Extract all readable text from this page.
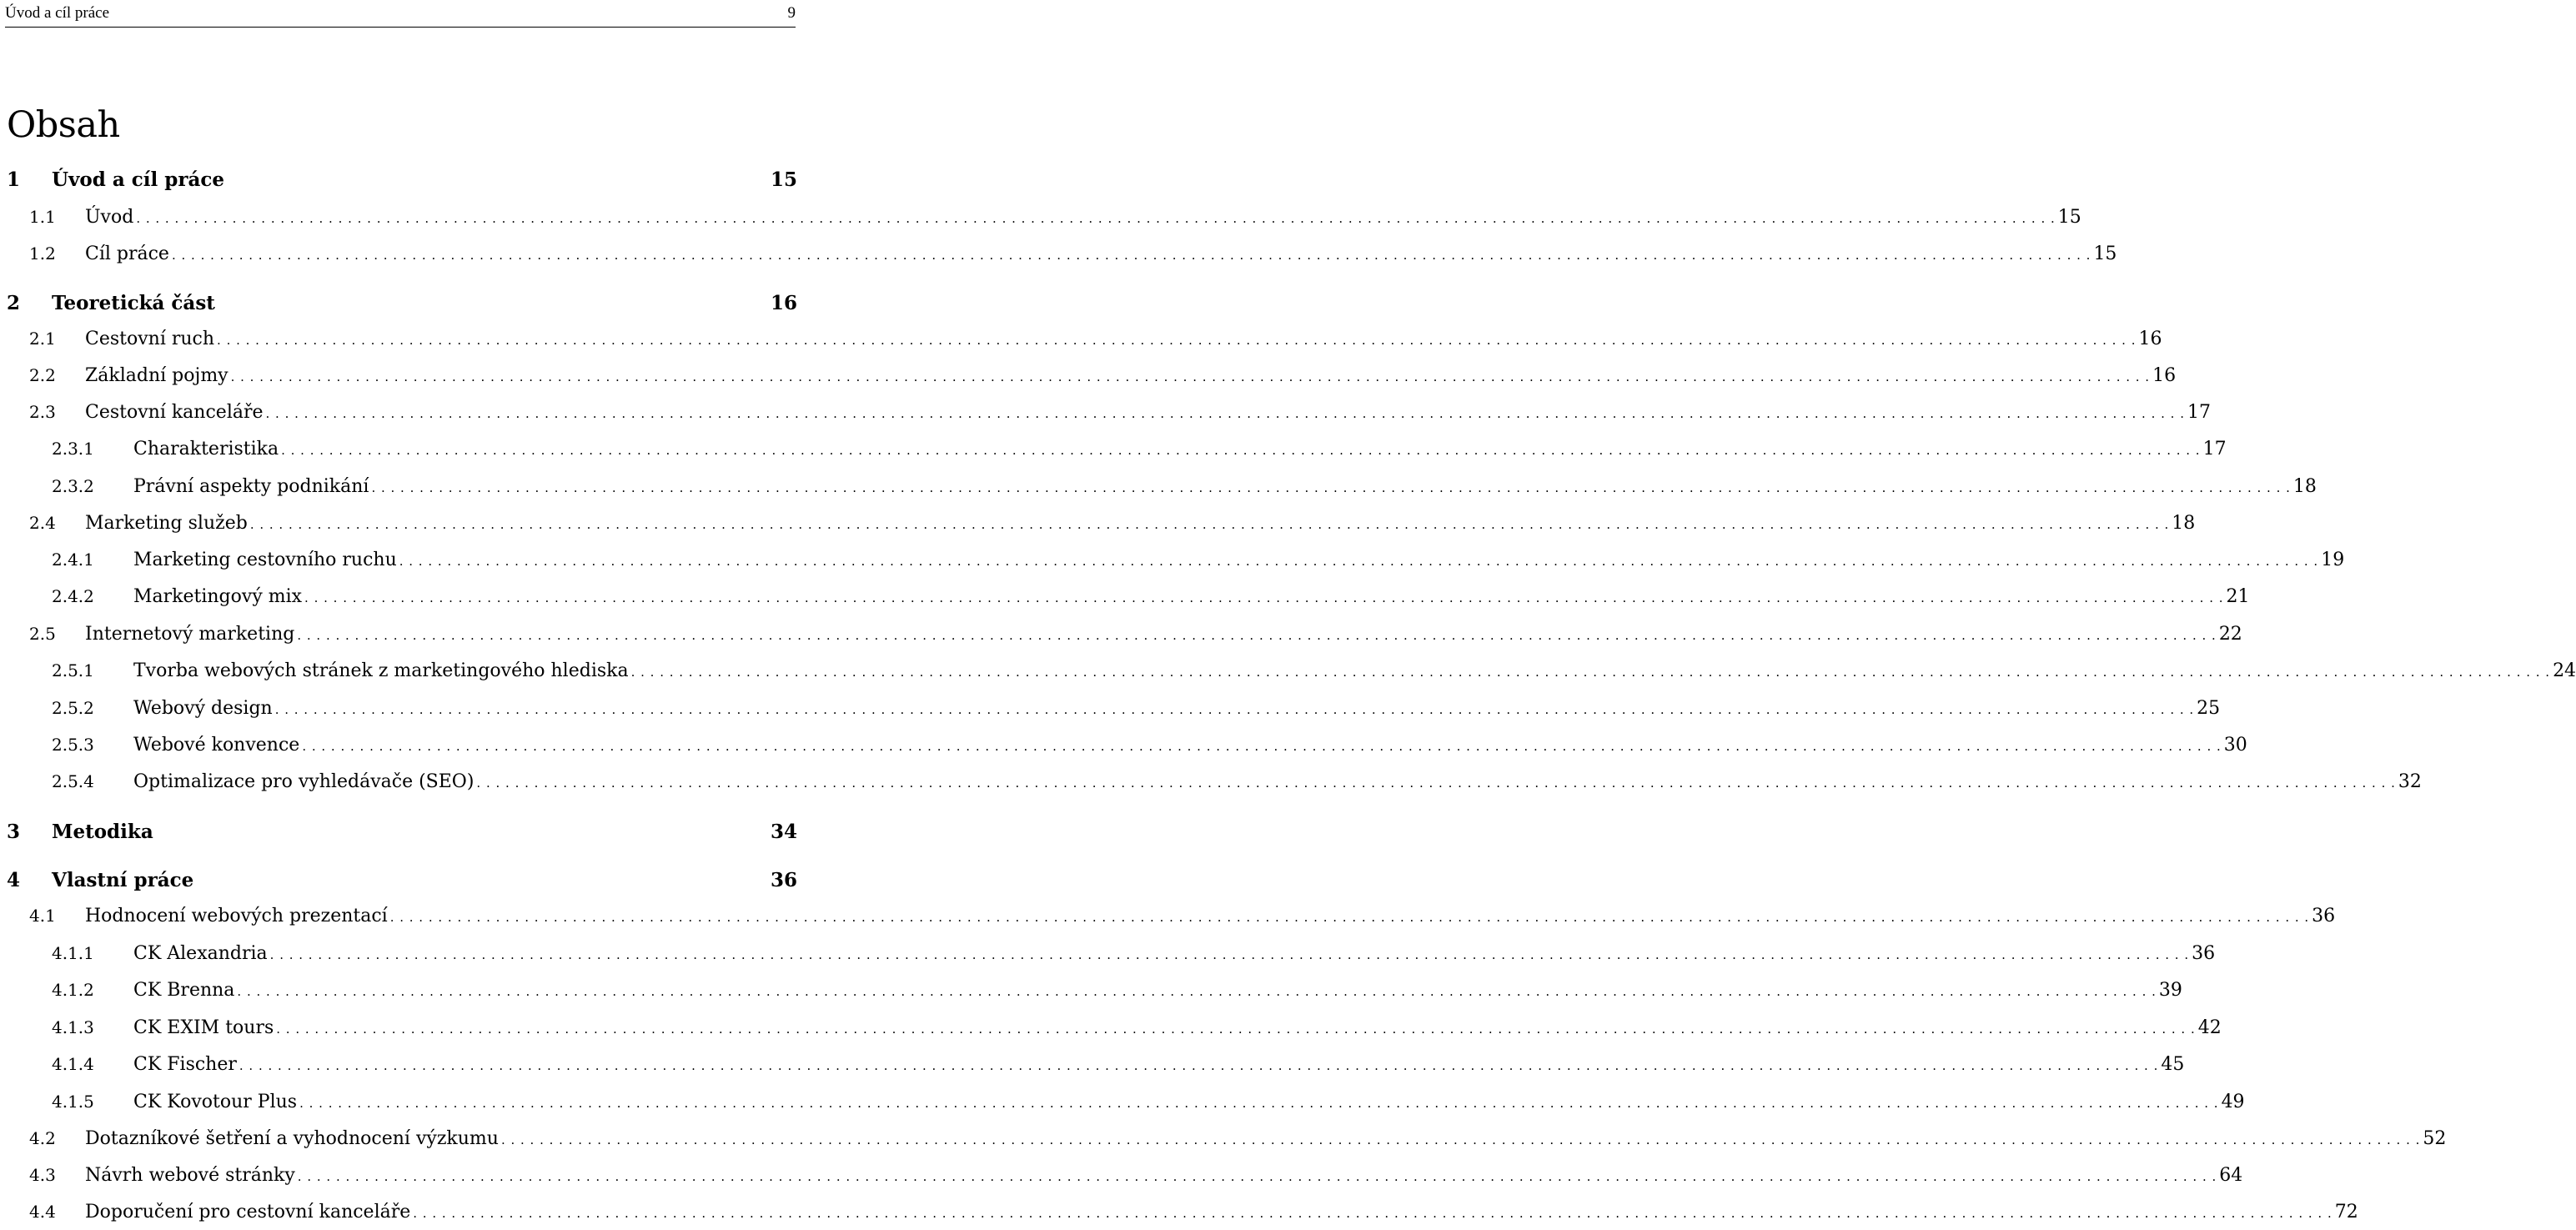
Úvod a cíl práce	9
Obsah
1	Úvod a cíl práce	15
1.1	Úvod . . . . . . . . . . . . . . . . . . . . . . . . . . . . . . . . . . . . . . . . . . . . . . . . . . . . . . . . . . . . . . . . . . . . . . . . . . . . . . . . . . . . . . . . . . . . . . . . . . . . . . . . . . . . . . . . . . . . . . . . . . . . . . . . . . . . . . . . . . . . . . . . . . . . . . . . . . . . . . . . . . . . . . . . . . . . . . . . . . . . . . . . . . . . . . . . . . . . . . . . 15
1.2	Cíl práce . . . . . . . . . . . . . . . . . . . . . . . . . . . . . . . . . . . . . . . . . . . . . . . . . . . . . . . . . . . . . . . . . . . . . . . . . . . . . . . . . . . . . . . . . . . . . . . . . . . . . . . . . . . . . . . . . . . . . . . . . . . . . . . . . . . . . . . . . . . . . . . . . . . . . . . . . . . . . . . . . . . . . . . . . . . . . . . . . . . . . . . . . . . . . . . . . . . . . . . . 15
2	Teoretická část	16
2.1	Cestovní ruch . . . . . . . . . . . . . . . . . . . . . . . . . . . . . . . . . . . . . . . . . . . . . . . . . . . . . . . . . . . . . . . . . . . . . . . . . . . . . . . . . . . . . . . . . . . . . . . . . . . . . . . . . . . . . . . . . . . . . . . . . . . . . . . . . . . . . . . . . . . . . . . . . . . . . . . . . . . . . . . . . . . . . . . . . . . . . . . . . . . . . . . . . . . . . . . . . . . . . . . . 16
2.2	Základní pojmy . . . . . . . . . . . . . . . . . . . . . . . . . . . . . . . . . . . . . . . . . . . . . . . . . . . . . . . . . . . . . . . . . . . . . . . . . . . . . . . . . . . . . . . . . . . . . . . . . . . . . . . . . . . . . . . . . . . . . . . . . . . . . . . . . . . . . . . . . . . . . . . . . . . . . . . . . . . . . . . . . . . . . . . . . . . . . . . . . . . . . . . . . . . . . . . . . . . . . . . . 16
2.3	Cestovní kanceláře . . . . . . . . . . . . . . . . . . . . . . . . . . . . . . . . . . . . . . . . . . . . . . . . . . . . . . . . . . . . . . . . . . . . . . . . . . . . . . . . . . . . . . . . . . . . . . . . . . . . . . . . . . . . . . . . . . . . . . . . . . . . . . . . . . . . . . . . . . . . . . . . . . . . . . . . . . . . . . . . . . . . . . . . . . . . . . . . . . . . . . . . . . . . . . . . . . . . . . . . 17
2.3.1	Charakteristika . . . . . . . . . . . . . . . . . . . . . . . . . . . . . . . . . . . . . . . . . . . . . . . . . . . . . . . . . . . . . . . . . . . . . . . . . . . . . . . . . . . . . . . . . . . . . . . . . . . . . . . . . . . . . . . . . . . . . . . . . . . . . . . . . . . . . . . . . . . . . . . . . . . . . . . . . . . . . . . . . . . . . . . . . . . . . . . . . . . . . . . . . . . . . . . . . . . . . . . . 17
2.3.2	Právní aspekty podnikání . . . . . . . . . . . . . . . . . . . . . . . . . . . . . . . . . . . . . . . . . . . . . . . . . . . . . . . . . . . . . . . . . . . . . . . . . . . . . . . . . . . . . . . . . . . . . . . . . . . . . . . . . . . . . . . . . . . . . . . . . . . . . . . . . . . . . . . . . . . . . . . . . . . . . . . . . . . . . . . . . . . . . . . . . . . . . . . . . . . . . . . . . . . . . . . . . . . . . . . . 18
2.4	Marketing služeb . . . . . . . . . . . . . . . . . . . . . . . . . . . . . . . . . . . . . . . . . . . . . . . . . . . . . . . . . . . . . . . . . . . . . . . . . . . . . . . . . . . . . . . . . . . . . . . . . . . . . . . . . . . . . . . . . . . . . . . . . . . . . . . . . . . . . . . . . . . . . . . . . . . . . . . . . . . . . . . . . . . . . . . . . . . . . . . . . . . . . . . . . . . . . . . . . . . . . . . . 18
2.4.1	Marketing cestovního ruchu . . . . . . . . . . . . . . . . . . . . . . . . . . . . . . . . . . . . . . . . . . . . . . . . . . . . . . . . . . . . . . . . . . . . . . . . . . . . . . . . . . . . . . . . . . . . . . . . . . . . . . . . . . . . . . . . . . . . . . . . . . . . . . . . . . . . . . . . . . . . . . . . . . . . . . . . . . . . . . . . . . . . . . . . . . . . . . . . . . . . . . . . . . . . . . . . . . . . . . . . 19
2.4.2	Marketingový mix . . . . . . . . . . . . . . . . . . . . . . . . . . . . . . . . . . . . . . . . . . . . . . . . . . . . . . . . . . . . . . . . . . . . . . . . . . . . . . . . . . . . . . . . . . . . . . . . . . . . . . . . . . . . . . . . . . . . . . . . . . . . . . . . . . . . . . . . . . . . . . . . . . . . . . . . . . . . . . . . . . . . . . . . . . . . . . . . . . . . . . . . . . . . . . . . . . . . . . . . 21
2.5	Internetový marketing . . . . . . . . . . . . . . . . . . . . . . . . . . . . . . . . . . . . . . . . . . . . . . . . . . . . . . . . . . . . . . . . . . . . . . . . . . . . . . . . . . . . . . . . . . . . . . . . . . . . . . . . . . . . . . . . . . . . . . . . . . . . . . . . . . . . . . . . . . . . . . . . . . . . . . . . . . . . . . . . . . . . . . . . . . . . . . . . . . . . . . . . . . . . . . . . . . . . . . . . 22
2.5.1	Tvorba webových stránek z marketingového hlediska . . . . . . . . . . . . . . . . . . . . . . . . . . . . . . . . . . . . . . . . . . . . . . . . . . . . . . . . . . . . . . . . . . . . . . . . . . . . . . . . . . . . . . . . . . . . . . . . . . . . . . . . . . . . . . . . . . . . . . . . . . . . . . . . . . . . . . . . . . . . . . . . . . . . . . . . . . . . . . . . . . . . . . . . . . . . . . . . . . . . . . . . . . . . . . . . . . . . . . . . 24
2.5.2	Webový design . . . . . . . . . . . . . . . . . . . . . . . . . . . . . . . . . . . . . . . . . . . . . . . . . . . . . . . . . . . . . . . . . . . . . . . . . . . . . . . . . . . . . . . . . . . . . . . . . . . . . . . . . . . . . . . . . . . . . . . . . . . . . . . . . . . . . . . . . . . . . . . . . . . . . . . . . . . . . . . . . . . . . . . . . . . . . . . . . . . . . . . . . . . . . . . . . . . . . . . . 25
2.5.3	Webové konvence . . . . . . . . . . . . . . . . . . . . . . . . . . . . . . . . . . . . . . . . . . . . . . . . . . . . . . . . . . . . . . . . . . . . . . . . . . . . . . . . . . . . . . . . . . . . . . . . . . . . . . . . . . . . . . . . . . . . . . . . . . . . . . . . . . . . . . . . . . . . . . . . . . . . . . . . . . . . . . . . . . . . . . . . . . . . . . . . . . . . . . . . . . . . . . . . . . . . . . . . 30
2.5.4	Optimalizace pro vyhledávače (SEO) . . . . . . . . . . . . . . . . . . . . . . . . . . . . . . . . . . . . . . . . . . . . . . . . . . . . . . . . . . . . . . . . . . . . . . . . . . . . . . . . . . . . . . . . . . . . . . . . . . . . . . . . . . . . . . . . . . . . . . . . . . . . . . . . . . . . . . . . . . . . . . . . . . . . . . . . . . . . . . . . . . . . . . . . . . . . . . . . . . . . . . . . . . . . . . . . . . . . . . . . 32
3	Metodika	34
4	Vlastní práce	36
4.1	Hodnocení webových prezentací . . . . . . . . . . . . . . . . . . . . . . . . . . . . . . . . . . . . . . . . . . . . . . . . . . . . . . . . . . . . . . . . . . . . . . . . . . . . . . . . . . . . . . . . . . . . . . . . . . . . . . . . . . . . . . . . . . . . . . . . . . . . . . . . . . . . . . . . . . . . . . . . . . . . . . . . . . . . . . . . . . . . . . . . . . . . . . . . . . . . . . . . . . . . . . . . . . . . . . . . 36
4.1.1	CK Alexandria . . . . . . . . . . . . . . . . . . . . . . . . . . . . . . . . . . . . . . . . . . . . . . . . . . . . . . . . . . . . . . . . . . . . . . . . . . . . . . . . . . . . . . . . . . . . . . . . . . . . . . . . . . . . . . . . . . . . . . . . . . . . . . . . . . . . . . . . . . . . . . . . . . . . . . . . . . . . . . . . . . . . . . . . . . . . . . . . . . . . . . . . . . . . . . . . . . . . . . . . 36
4.1.2	CK Brenna . . . . . . . . . . . . . . . . . . . . . . . . . . . . . . . . . . . . . . . . . . . . . . . . . . . . . . . . . . . . . . . . . . . . . . . . . . . . . . . . . . . . . . . . . . . . . . . . . . . . . . . . . . . . . . . . . . . . . . . . . . . . . . . . . . . . . . . . . . . . . . . . . . . . . . . . . . . . . . . . . . . . . . . . . . . . . . . . . . . . . . . . . . . . . . . . . . . . . . . . 39
4.1.3	CK EXIM tours . . . . . . . . . . . . . . . . . . . . . . . . . . . . . . . . . . . . . . . . . . . . . . . . . . . . . . . . . . . . . . . . . . . . . . . . . . . . . . . . . . . . . . . . . . . . . . . . . . . . . . . . . . . . . . . . . . . . . . . . . . . . . . . . . . . . . . . . . . . . . . . . . . . . . . . . . . . . . . . . . . . . . . . . . . . . . . . . . . . . . . . . . . . . . . . . . . . . . . . . 42
4.1.4	CK Fischer . . . . . . . . . . . . . . . . . . . . . . . . . . . . . . . . . . . . . . . . . . . . . . . . . . . . . . . . . . . . . . . . . . . . . . . . . . . . . . . . . . . . . . . . . . . . . . . . . . . . . . . . . . . . . . . . . . . . . . . . . . . . . . . . . . . . . . . . . . . . . . . . . . . . . . . . . . . . . . . . . . . . . . . . . . . . . . . . . . . . . . . . . . . . . . . . . . . . . . . . 45
4.1.5	CK Kovotour Plus . . . . . . . . . . . . . . . . . . . . . . . . . . . . . . . . . . . . . . . . . . . . . . . . . . . . . . . . . . . . . . . . . . . . . . . . . . . . . . . . . . . . . . . . . . . . . . . . . . . . . . . . . . . . . . . . . . . . . . . . . . . . . . . . . . . . . . . . . . . . . . . . . . . . . . . . . . . . . . . . . . . . . . . . . . . . . . . . . . . . . . . . . . . . . . . . . . . . . . . . 49
4.2	Dotazníkové šetření a vyhodnocení výzkumu . . . . . . . . . . . . . . . . . . . . . . . . . . . . . . . . . . . . . . . . . . . . . . . . . . . . . . . . . . . . . . . . . . . . . . . . . . . . . . . . . . . . . . . . . . . . . . . . . . . . . . . . . . . . . . . . . . . . . . . . . . . . . . . . . . . . . . . . . . . . . . . . . . . . . . . . . . . . . . . . . . . . . . . . . . . . . . . . . . . . . . . . . . . . . . . . . . . . . . . . 52
4.3	Návrh webové stránky . . . . . . . . . . . . . . . . . . . . . . . . . . . . . . . . . . . . . . . . . . . . . . . . . . . . . . . . . . . . . . . . . . . . . . . . . . . . . . . . . . . . . . . . . . . . . . . . . . . . . . . . . . . . . . . . . . . . . . . . . . . . . . . . . . . . . . . . . . . . . . . . . . . . . . . . . . . . . . . . . . . . . . . . . . . . . . . . . . . . . . . . . . . . . . . . . . . . . . . . 64
4.4	Doporučení pro cestovní kanceláře . . . . . . . . . . . . . . . . . . . . . . . . . . . . . . . . . . . . . . . . . . . . . . . . . . . . . . . . . . . . . . . . . . . . . . . . . . . . . . . . . . . . . . . . . . . . . . . . . . . . . . . . . . . . . . . . . . . . . . . . . . . . . . . . . . . . . . . . . . . . . . . . . . . . . . . . . . . . . . . . . . . . . . . . . . . . . . . . . . . . . . . . . . . . . . . . . . . . . . . . 72
